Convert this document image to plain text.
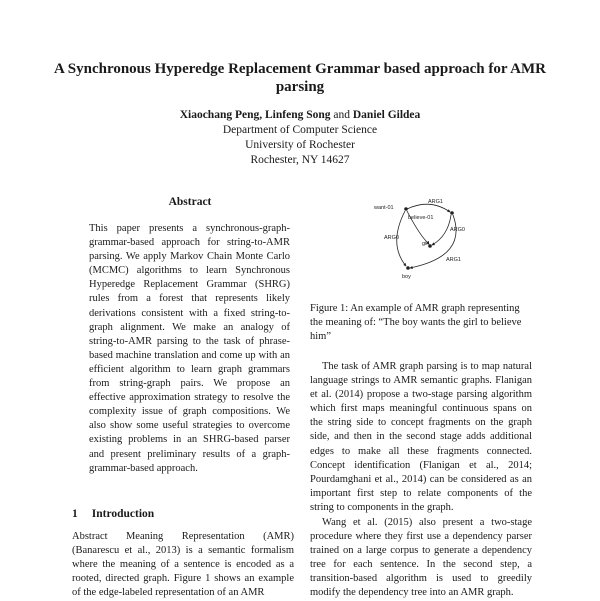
A Synchronous Hyperedge Replacement Grammar based approach for AMR parsing
Xiaochang Peng, Linfeng Song and Daniel Gildea
Department of Computer Science
University of Rochester
Rochester, NY 14627
Abstract

This paper presents a synchronous-graph-grammar-based approach for string-to-AMR parsing. We apply Markov Chain Monte Carlo (MCMC) algorithms to learn Synchronous Hyperedge Replacement Grammar (SHRG) rules from a forest that represents likely derivations consistent with a fixed string-to-graph alignment. We make an analogy of string-to-AMR parsing to the task of phrase-based machine translation and come up with an efficient algorithm to learn graph grammars from string-graph pairs. We propose an effective approximation strategy to resolve the complexity issue of graph compositions. We also show some useful strategies to overcome existing problems in an SHRG-based parser and present preliminary results of a graph-grammar-based approach.

1 Introduction

Abstract Meaning Representation (AMR) (Banarescu et al., 2013) is a semantic formalism where the meaning of a sentence is encoded as a rooted, directed graph. Figure 1 shows an example of the edge-labeled representation of an AMR

want-01
believe-01
girl
boy
ARG1
ARG0
ARG0
ARG1

Figure 1: An example of AMR graph representing the meaning of: “The boy wants the girl to believe him”

The task of AMR graph parsing is to map natural language strings to AMR semantic graphs. Flanigan et al. (2014) propose a two-stage parsing algorithm which first maps meaningful continuous spans on the string side to concept fragments on the graph side, and then in the second stage adds additional edges to make all these fragments connected. Concept identification (Flanigan et al., 2014; Pourdamghani et al., 2014) can be considered as an important first step to relate components of the string to components in the graph.

Wang et al. (2015) also present a two-stage procedure where they first use a dependency parser trained on a large corpus to generate a dependency tree for each sentence. In the second step, a transition-based algorithm is used to greedily modify the dependency tree into an AMR graph.
